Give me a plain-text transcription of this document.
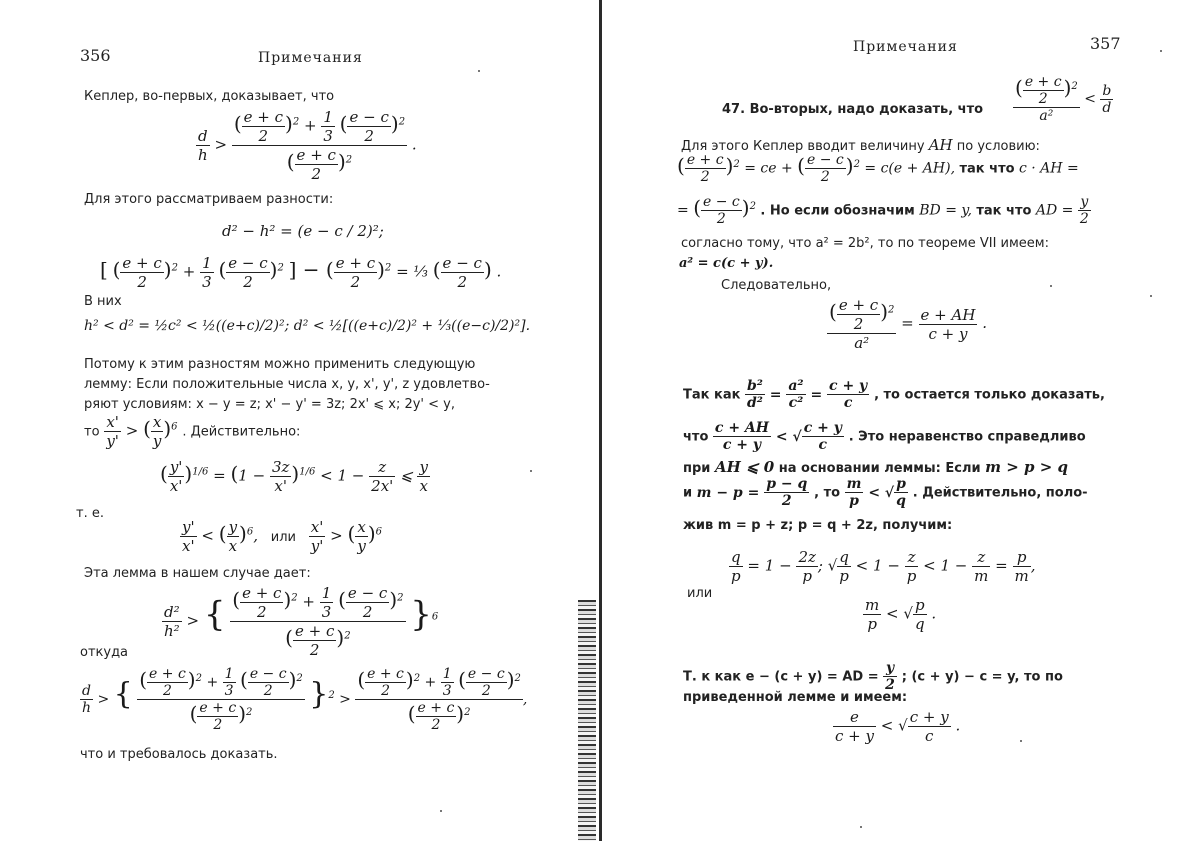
356	Примечания
Кеплер, во-первых, доказывает, что
$\frac{d}{h} > \frac{( \frac{e + c}{2} )^2 + \frac{1}{3} ( \frac{e - c}{2} )^2}{( \frac{e + c}{2} )^2}$ .
Для этого рассматриваем разности:
d² − h² = (e − c / 2)²;
[ ( $\frac{e + c}{2} )^2 + \frac{1}{3}$ ( $\frac{e - c}{2} )^2$ ] − ( $\frac{e + c}{2} )^2$ = ⅓ ( $\frac{e - c}{2}$ ) .
В них
h² < d² = ½c² < ½((e+c)/2)²; d² < ½[((e+c)/2)² + ⅓((e−c)/2)²].
Потому к этим разностям можно применить следующую
лемму: Если положительные числа x, y, x', y', z удовлетво-
ряют условиям: x − y = z; x' − y' = 3z; 2x' ⩽ x; 2y' < y,
то $\frac{x'}{y'}$ > ( $\frac{x}{y} )^6$ . Действительно:
( $\frac{y'}{x'} )^{1/6} = (1 - \frac{3z}{x'} )^{1/6} < 1 - \frac{z}{2x'}$ ⩽ $\frac{y}{x}$
т. е.
$\frac{y'}{x'}$ < ( $\frac{y}{x} )^6$, или $\frac{x'}{y'}$ > ( $\frac{x}{y} )^6$
Эта лемма в нашем случае дает:
$\frac{\text{d²}}{\text{h²}}$ > { $\frac{( \frac{e + c}{2} )^2 + \frac{1}{3} ( \frac{e - c}{2} )^2}{( \frac{e + c}{2} )^2} \}^6$
откуда
$\frac{d}{h}$ > { $\frac{( \frac{e + c}{2} )^2 + \frac{1}{3} ( \frac{e - c}{2} )^2}{( \frac{e + c}{2} )^2} \}^2 > \frac{( \frac{e + c}{2} )^2 + \frac{1}{3} ( \frac{e - c}{2} )^2}{( \frac{e + c}{2} )^2}$ ,
что и требовалось доказать.
Примечания	357
47. Во-вторых, надо доказать, что $\frac{( \frac{e + c}{2} )^2}{\text{a²}} < \frac{b}{d}$
Для этого Кеплер вводит величину AH по условию:
( $\frac{e + c}{2} )^2$ = ce + ( $\frac{e - c}{2} )^2 = c(e + AH)$, так что c · AH =
= ( $\frac{e - c}{2} )^2$ . Но если обозначим BD = y, так что AD = $\frac{y}{2}$
согласно тому, что a² = 2b², то по теореме VII имеем:
a² = c(c + y).
Следовательно,
$\frac{( \frac{e + c}{2} )^2}{\text{a²}} = \frac{e + AH}{c + y}$ .
Так как $\frac{\text{b²}}{\text{d²}} = \frac{\text{a²}}{\text{c²}} = \frac{c + y}{c}$ , то остается только доказать,
что $\frac{c + AH}{c + y}$ < √ $\frac{c + y}{c}$ . Это неравенство справедливо
при AH ⩽ 0 на основании леммы: Если m > p > q
и $m - p = \frac{p - q}{2}$ , то $\frac{m}{p}$ < √ $\frac{p}{q}$ . Действительно, поло-
жив m = p + z; p = q + 2z, получим:
$\frac{q}{p} = 1 - \frac{2z}{p}$ ; √ $\frac{q}{p} < 1 - \frac{z}{p} < 1 - \frac{z}{m} = \frac{p}{m}$ ,
или
$\frac{m}{p}$ < √ $\frac{p}{q}$ .
Т. к как e − (c + y) = AD = $\frac{y}{2}$ ; (c + y) − c = y, то по
приведенной лемме и имеем:
$\frac{e}{c + y}$ < √ $\frac{c + y}{c}$ .
